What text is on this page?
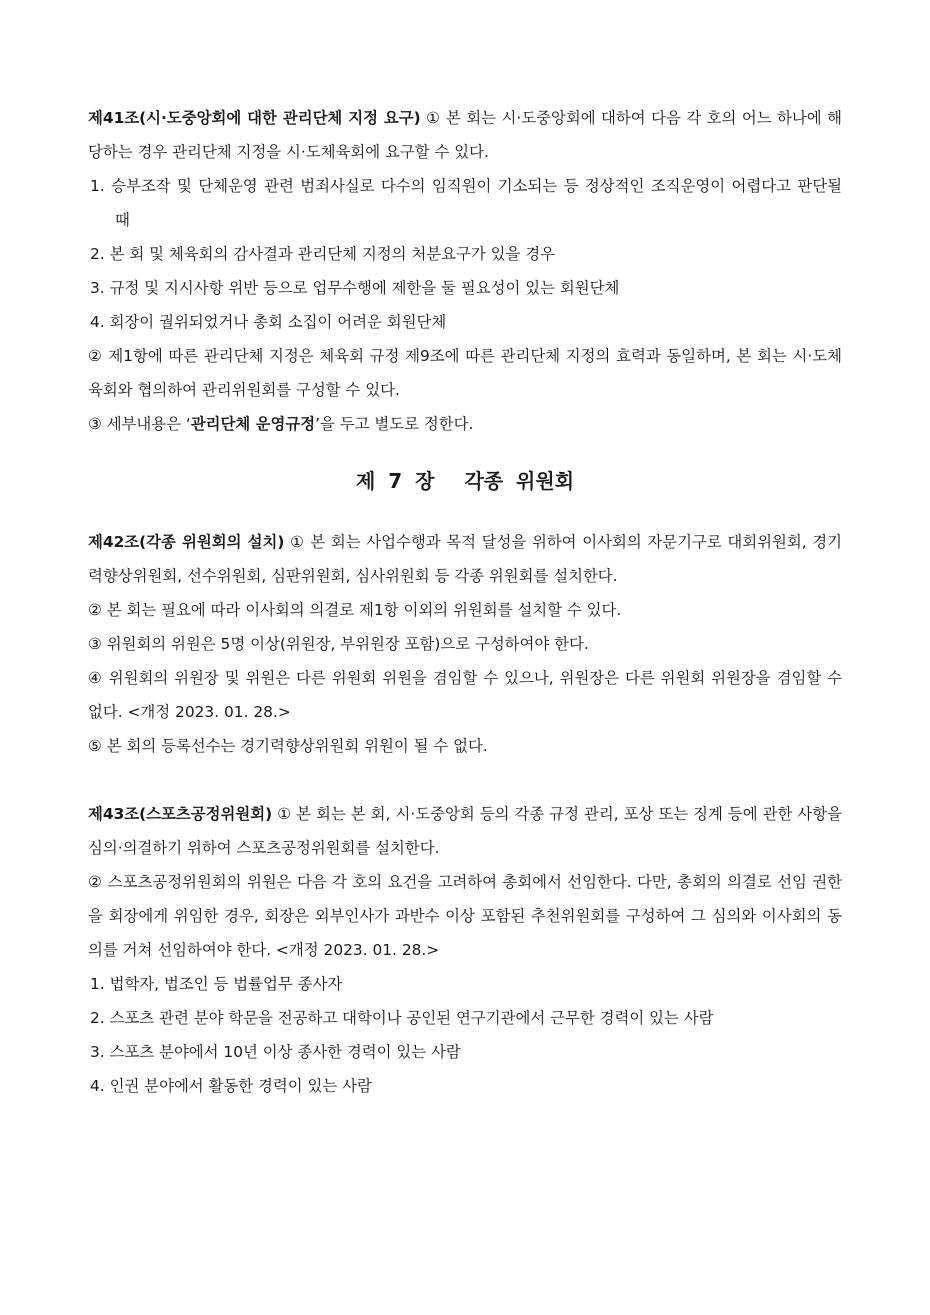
제41조(시·도중앙회에 대한 관리단체 지정 요구) ① 본 회는 시·도중앙회에 대하여 다음 각 호의 어느 하나에 해당하는 경우 관리단체 지정을 시·도체육회에 요구할 수 있다.

1. 승부조작 및 단체운영 관련 범죄사실로 다수의 임직원이 기소되는 등 정상적인 조직운영이 어렵다고 판단될 때

2. 본 회 및 체육회의 감사결과 관리단체 지정의 처분요구가 있을 경우

3. 규정 및 지시사항 위반 등으로 업무수행에 제한을 둘 필요성이 있는 회원단체

4. 회장이 궐위되었거나 총회 소집이 어려운 회원단체

② 제1항에 따른 관리단체 지정은 체육회 규정 제9조에 따른 관리단체 지정의 효력과 동일하며, 본 회는 시·도체육회와 협의하여 관리위원회를 구성할 수 있다.

③ 세부내용은 ‘관리단체 운영규정’을 두고 별도로 정한다.

제 7 장 각종 위원회

제42조(각종 위원회의 설치) ① 본 회는 사업수행과 목적 달성을 위하여 이사회의 자문기구로 대회위원회, 경기력향상위원회, 선수위원회, 심판위원회, 심사위원회 등 각종 위원회를 설치한다.

② 본 회는 필요에 따라 이사회의 의결로 제1항 이외의 위원회를 설치할 수 있다.

③ 위원회의 위원은 5명 이상(위원장, 부위원장 포함)으로 구성하여야 한다.

④ 위원회의 위원장 및 위원은 다른 위원회 위원을 겸임할 수 있으나, 위원장은 다른 위원회 위원장을 겸임할 수 없다. <개정 2023. 01. 28.>

⑤ 본 회의 등록선수는 경기력향상위원회 위원이 될 수 없다.

제43조(스포츠공정위원회) ① 본 회는 본 회, 시·도중앙회 등의 각종 규정 관리, 포상 또는 징계 등에 관한 사항을 심의·의결하기 위하여 스포츠공정위원회를 설치한다.

② 스포츠공정위원회의 위원은 다음 각 호의 요건을 고려하여 총회에서 선임한다. 다만, 총회의 의결로 선임 권한을 회장에게 위임한 경우, 회장은 외부인사가 과반수 이상 포함된 추천위원회를 구성하여 그 심의와 이사회의 동의를 거쳐 선임하여야 한다. <개정 2023. 01. 28.>

1. 법학자, 법조인 등 법률업무 종사자

2. 스포츠 관련 분야 학문을 전공하고 대학이나 공인된 연구기관에서 근무한 경력이 있는 사람

3. 스포츠 분야에서 10년 이상 종사한 경력이 있는 사람

4. 인권 분야에서 활동한 경력이 있는 사람
